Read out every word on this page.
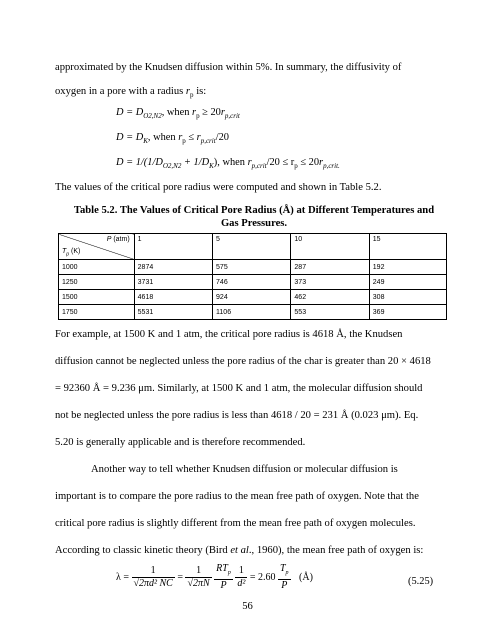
approximated by the Knudsen diffusion within 5%. In summary, the diffusivity of
oxygen in a pore with a radius $r_p$ is:
$D = D_{O2,N2}$, when $r_p \ge 20r_{p,crit}$
$D = D_K$, when $r_p \le r_{p,crit}/20$
$D = 1/(1/D_{O2,N2} + 1/D_K)$, when $r_{p,crit}/20 \le r_p \le 20r_{p,crit.}$
The values of the critical pore radius were computed and shown in Table 5.2.
Table 5.2. The Values of Critical Pore Radius (Å) at Different Temperatures and
Gas Pressures.
P (atm)
$T_p$ (K)	1	5	10	15
1000	2874	575	287	192
1250	3731	746	373	249
1500	4618	924	462	308
1750	5531	1106	553	369
For example, at 1500 K and 1 atm, the critical pore radius is 4618 Å, the Knudsen
diffusion cannot be neglected unless the pore radius of the char is greater than 20 × 4618
= 92360 Å = 9.236 μm. Similarly, at 1500 K and 1 atm, the molecular diffusion should
not be neglected unless the pore radius is less than 4618 / 20 = 231 Å (0.023 μm). Eq.
5.20 is generally applicable and is therefore recommended.
Another way to tell whether Knudsen diffusion or molecular diffusion is
important is to compare the pore radius to the mean free path of oxygen. Note that the
critical pore radius is slightly different from the mean free path of oxygen molecules.
According to classic kinetic theory (Bird et al., 1960), the mean free path of oxygen is:
$\lambda = \frac{1}{\text{√2πd² NC}} = \frac{1}{√2\pi N}$
$\frac{RT_p}{P}$
$\frac{1}{\text{d²}} = 2.60 \frac{T_p}{P}$ (Å)	(5.25)
56
